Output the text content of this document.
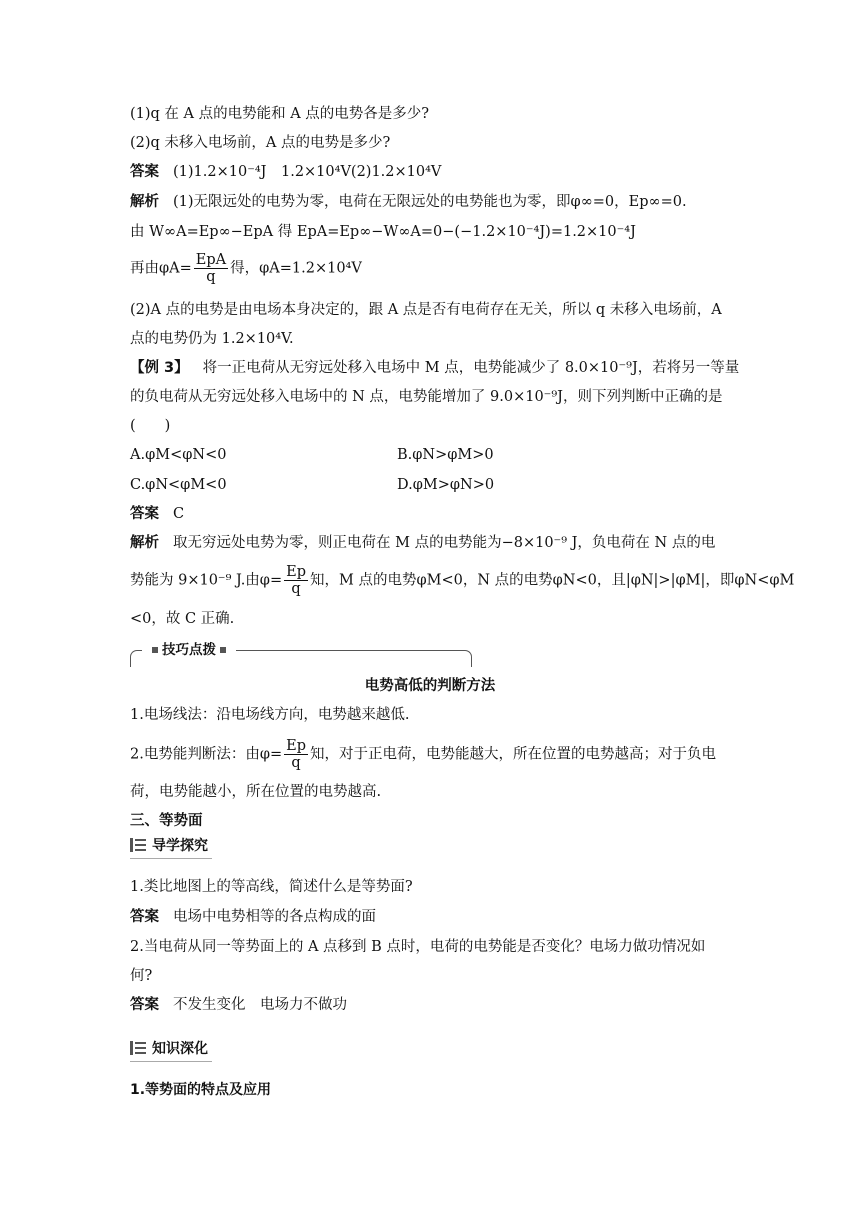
(1)q 在 A 点的电势能和 A 点的电势各是多少?
(2)q 未移入电场前，A 点的电势是多少?
答案 (1)1.2×10⁻⁴J　1.2×10⁴V(2)1.2×10⁴V
解析 (1)无限远处的电势为零，电荷在无限远处的电势能也为零，即φ∞=0，Ep∞=0.
由 W∞A=Ep∞−EpA 得 EpA=Ep∞−W∞A=0−(−1.2×10⁻⁴J)=1.2×10⁻⁴J
再由$\varphi A= \frac{\text{EpA}}{q}$ 得，φA=1.2×10⁴V
(2)A 点的电势是由电场本身决定的，跟 A 点是否有电荷存在无关，所以 q 未移入电场前，A
点的电势仍为 1.2×10⁴V.
【例 3】 将一正电荷从无穷远处移入电场中 M 点，电势能减少了 8.0×10⁻⁹J，若将另一等量
的负电荷从无穷远处移入电场中的 N 点，电势能增加了 9.0×10⁻⁹J，则下列判断中正确的是
(　　)
A.φM<φN<0	B.φN>φM>0
C.φN<φM<0	D.φM>φN>0
答案 C
解析 取无穷远处电势为零，则正电荷在 M 点的电势能为−8×10⁻⁹ J，负电荷在 N 点的电
势能为 9×10⁻⁹ J.由$\varphi= \frac{Ep}{q}$ 知，M 点的电势φM<0，N 点的电势φN<0，且|φN|>|φM|，即φN<φM
<0，故 C 正确.
技巧点拨
电势高低的判断方法
1.电场线法：沿电场线方向，电势越来越低.
2.电势能判断法：由$\varphi= \frac{Ep}{q}$ 知，对于正电荷，电势能越大，所在位置的电势越高；对于负电
荷，电势能越小，所在位置的电势越高.
三、等势面
导学探究
1.类比地图上的等高线，简述什么是等势面?
答案 电场中电势相等的各点构成的面
2.当电荷从同一等势面上的 A 点移到 B 点时，电荷的电势能是否变化？电场力做功情况如
何?
答案 不发生变化　电场力不做功
知识深化
1.等势面的特点及应用
